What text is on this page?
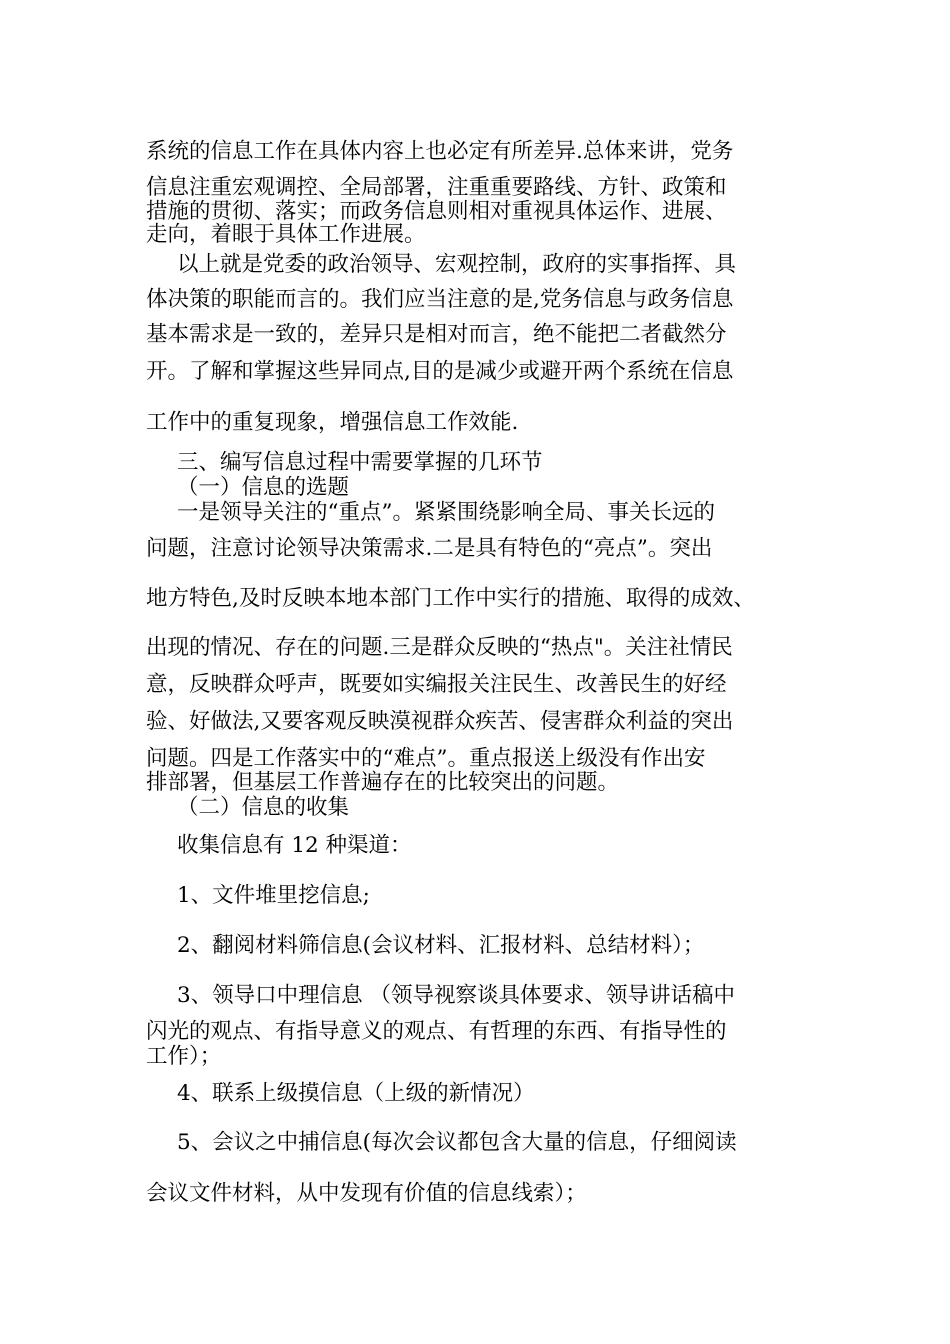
系统的信息工作在具体内容上也必定有所差异.总体来讲，党务
信息注重宏观调控、全局部署，注重重要路线、方针、政策和
措施的贯彻、落实；而政务信息则相对重视具体运作、进展、
走向，着眼于具体工作进展。
以上就是党委的政治领导、宏观控制，政府的实事指挥、具
体决策的职能而言的。我们应当注意的是,党务信息与政务信息
基本需求是一致的，差异只是相对而言，绝不能把二者截然分
开。了解和掌握这些异同点,目的是减少或避开两个系统在信息
工作中的重复现象，增强信息工作效能.
三、编写信息过程中需要掌握的几环节
（一）信息的选题
一是领导关注的“重点”。紧紧围绕影响全局、事关长远的
问题，注意讨论领导决策需求.二是具有特色的“亮点”。突出
地方特色,及时反映本地本部门工作中实行的措施、取得的成效、
出现的情况、存在的问题.三是群众反映的“热点"。关注社情民
意，反映群众呼声，既要如实编报关注民生、改善民生的好经
验、好做法,又要客观反映漠视群众疾苦、侵害群众利益的突出
问题。四是工作落实中的“难点”。重点报送上级没有作出安
排部署，但基层工作普遍存在的比较突出的问题。
（二）信息的收集
收集信息有 12 种渠道：
1、文件堆里挖信息;
2、翻阅材料筛信息(会议材料、汇报材料、总结材料）；
3、领导口中理信息 （领导视察谈具体要求、领导讲话稿中
闪光的观点、有指导意义的观点、有哲理的东西、有指导性的
工作）；
4、联系上级摸信息（上级的新情况）
5、会议之中捕信息(每次会议都包含大量的信息，仔细阅读
会议文件材料，从中发现有价值的信息线索）；
